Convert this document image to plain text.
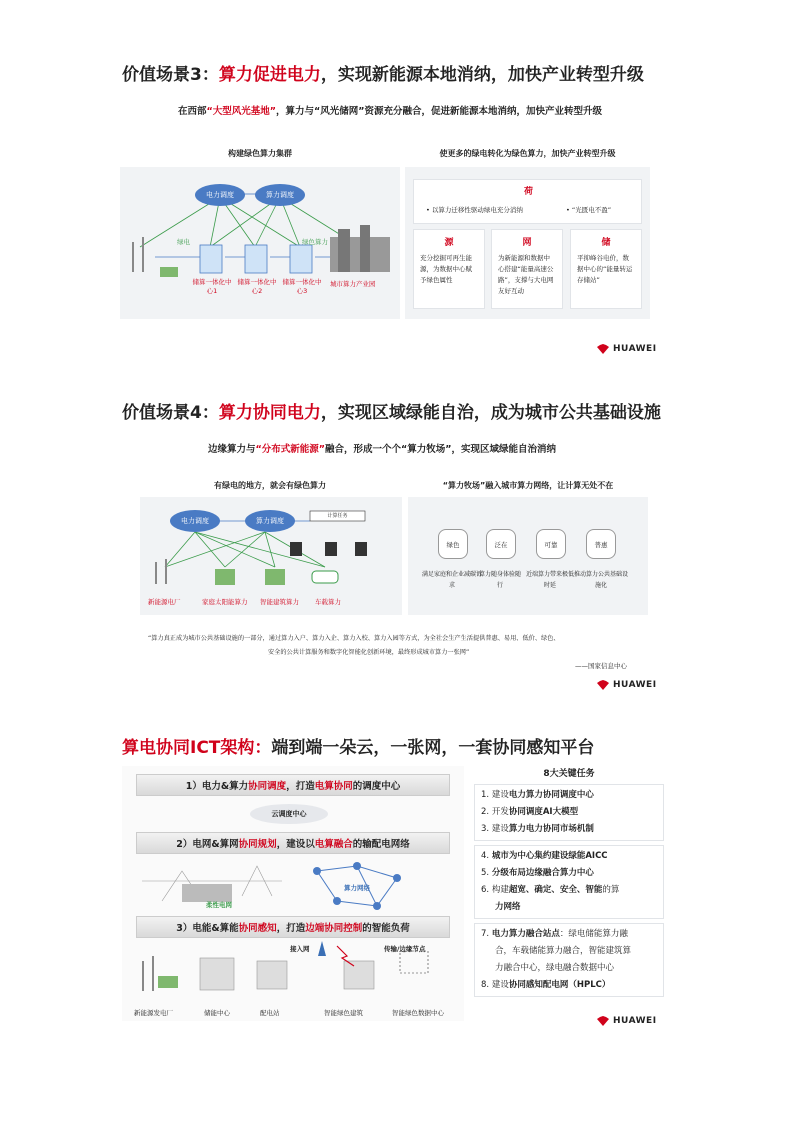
价值场景3：算力促进电力，实现新能源本地消纳，加快产业转型升级
在西部“大型风光基地”，算力与“风光储网”资源充分融合，促进新能源本地消纳，加快产业转型升级
构建绿色算力集群	使更多的绿电转化为绿色算力，加快产业转型升级
电力调度	算力调度
绿电	绿色算力
储算一体化中心1
储算一体化中心2
储算一体化中心3
城市算力产业园
荷
• 以算力迁移性驱动绿电充分消纳	• “光匮电不盈”
源
充分挖掘可再生能源，为数据中心赋予绿色属性
网
为新能源和数据中心搭建“能量高速公路”，支撑与大电网友好互动
储
平抑峰谷电价，数据中心的“能量转运存储站”
HUAWEI
价值场景4：算力协同电力，实现区域绿能自治，成为城市公共基础设施
边缘算力与“分布式新能源”融合，形成一个个“算力牧场”，实现区域绿能自治消纳
有绿电的地方，就会有绿色算力	“算力牧场”融入城市算力网络，让计算无处不在
电力调度	算力调度
计算任务
新能源电厂	家庭太阳能算力 智能建筑算力 车载算力
绿色	泛在	可靠	普惠
满足家庭和企业减碳诉求
算力随身体验随行
近端算力带来极低时延
推动算力公共基础设施化
“算力真正成为城市公共基础设施的一部分，通过算力入户、算力入企、算力入校、算力入园等方式，为全社会生产生活提供普惠、易用、低价、绿色、
安全的公共计算服务和数字化智能化创新环境，最终形成城市算力一张网”
——国家信息中心
HUAWEI
算电协同ICT架构：端到端一朵云，一张网，一套协同感知平台
1）电力&算力 协同调度 ，打造 电算协同 的调度中心
云调度中心
2）电网&算网 协同规划 ，建设以 电算融合 的输配电网络
柔性电网
算力网络
3）电能&算能 协同感知 ，打造 边端协同控制 的智能负荷
接入网	传输/边缘节点
新能源发电厂	储能中心	配电站	智能绿色建筑	智能绿色数据中心
8大关键任务
1. 建设电力算力协同调度中心
2. 开发协同调度AI大模型
3. 建设算力电力协同市场机制
4. 城市为中心集约建设绿能AICC
5. 分级布局边缘融合算力中心
6. 构建超宽、确定、安全、智能的算
力网络
7. 电力算力融合站点：绿电储能算力融
合，车载储能算力融合，智能建筑算
力融合中心，绿电融合数据中心
8. 建设协同感知配电网（HPLC）
HUAWEI
